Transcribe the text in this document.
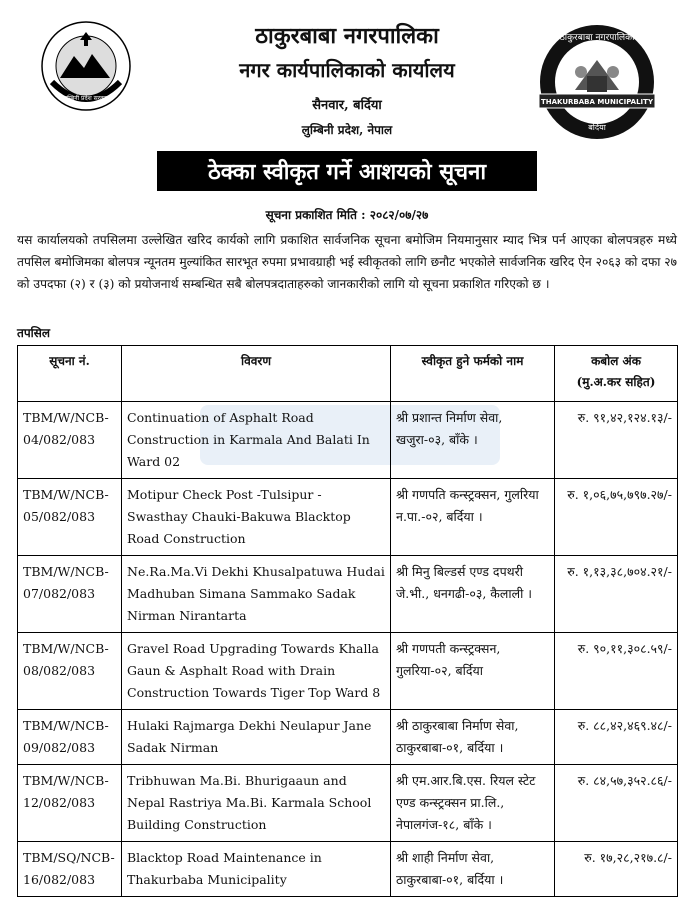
लुम्बिनी प्रदेश सरकार
ठाकुरबाबा नगरपालिका
THAKURBABA MUNICIPALITY
बर्दिया
ठाकुरबाबा नगरपालिका
नगर कार्यपालिकाको कार्यालय
सैनवार, बर्दिया
लुम्बिनी प्रदेश, नेपाल
ठेक्का स्वीकृत गर्ने आशयको सूचना
सूचना प्रकाशित मिति : २०८२/०७/२७

यस कार्यालयको तपसिलमा उल्लेखित खरिद कार्यको लागि प्रकाशित सार्वजनिक सूचना बमोजिम नियमानुसार म्याद भित्र पर्न आएका बोलपत्रहरु मध्ये तपसिल बमोजिमका बोलपत्र न्यूनतम मुल्यांकित सारभूत रुपमा प्रभावग्राही भई स्वीकृतको लागि छनौट भएकोले सार्वजनिक खरिद ऐन २०६३ को दफा २७ को उपदफा (२) र (३) को प्रयोजनार्थ सम्बन्धित सबै बोलपत्रदाताहरुको जानकारीको लागि यो सूचना प्रकाशित गरिएको छ ।

तपसिल
सूचना नं.	विवरण	स्वीकृत हुने फर्मको नाम	कबोल अंक
(मु.अ.कर सहित)

TBM/W/NCB-04/082/083	Continuation of Asphalt Road Construction in Karmala And Balati In Ward 02	श्री प्रशान्त निर्माण सेवा, खजुरा-०३, बाँके ।	रु. ९१,४२,१२४.१३/-
TBM/W/NCB-05/082/083	Motipur Check Post -Tulsipur - Swasthay Chauki-Bakuwa Blacktop Road Construction	श्री गणपति कन्स्ट्रक्सन, गुलरिया न.पा.-०२, बर्दिया ।	रु. १,०६,७५,७९७.२७/-
TBM/W/NCB-07/082/083	Ne.Ra.Ma.Vi Dekhi Khusalpatuwa Hudai Madhuban Simana Sammako Sadak Nirman Nirantarta	श्री मिनु बिल्डर्स एण्ड दपथरी जे.भी., धनगढी-०३, कैलाली ।	रु. १,१३,३८,७०४.२१/-
TBM/W/NCB-08/082/083	Gravel Road Upgrading Towards Khalla Gaun & Asphalt Road with Drain Construction Towards Tiger Top Ward 8	श्री गणपती कन्स्ट्रक्सन, गुलरिया-०२, बर्दिया	रु. ९०,११,३०८.५९/-
TBM/W/NCB-09/082/083	Hulaki Rajmarga Dekhi Neulapur Jane Sadak Nirman	श्री ठाकुरबाबा निर्माण सेवा, ठाकुरबाबा-०१, बर्दिया ।	रु. ८८,४२,४६९.४८/-
TBM/W/NCB-12/082/083	Tribhuwan Ma.Bi. Bhurigaaun and Nepal Rastriya Ma.Bi. Karmala School Building Construction	श्री एम.आर.बि.एस. रियल स्टेट एण्ड कन्स्ट्रक्सन प्रा.लि., नेपालगंज-१८, बाँके ।	रु. ८४,५७,३५२.८६/-
TBM/SQ/NCB-16/082/083	Blacktop Road Maintenance in Thakurbaba Municipality	श्री शाही निर्माण सेवा, ठाकुरबाबा-०१, बर्दिया ।	रु. १७,२८,२१७.८/-
